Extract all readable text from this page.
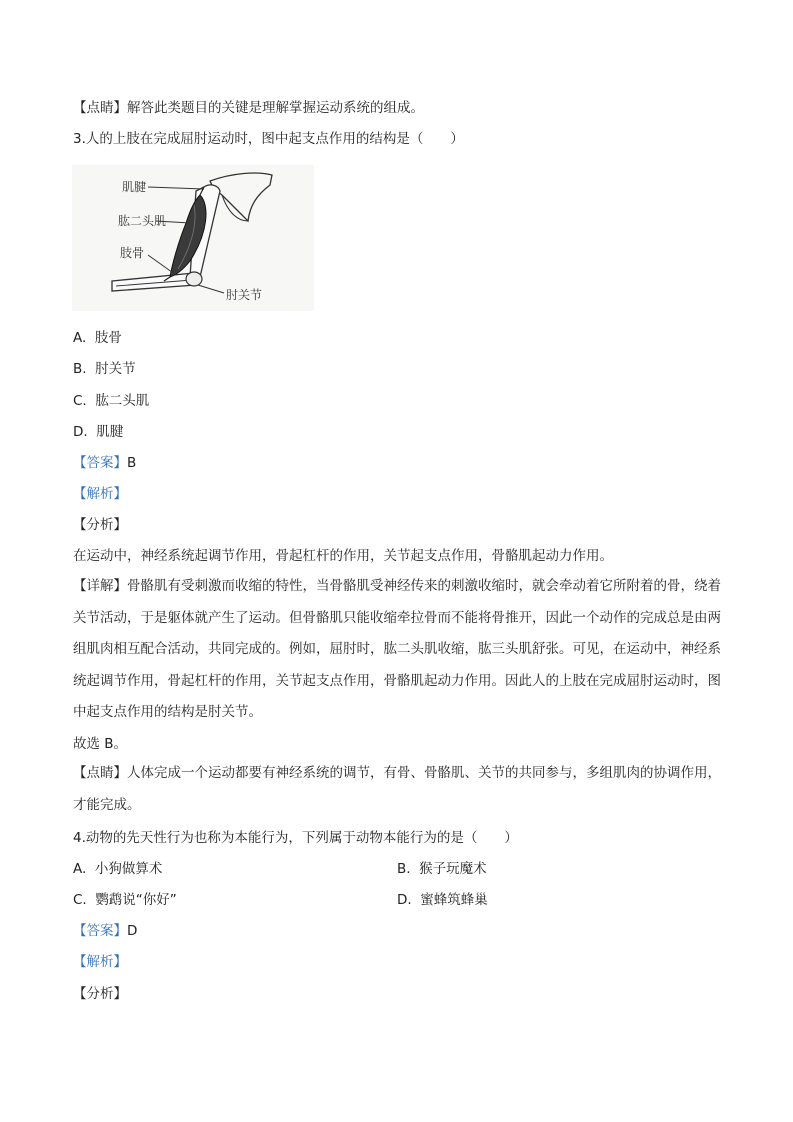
【点睛】解答此类题目的关键是理解掌握运动系统的组成。
3.人的上肢在完成屈肘运动时，图中起支点作用的结构是（　　）
肌腱
肱二头肌
肢骨
肘关节
A. 肢骨
B. 肘关节
C. 肱二头肌
D. 肌腱
【答案】B
【解析】
【分析】
在运动中，神经系统起调节作用，骨起杠杆的作用，关节起支点作用，骨骼肌起动力作用。
【详解】骨骼肌有受刺激而收缩的特性，当骨骼肌受神经传来的刺激收缩时，就会牵动着它所附着的骨，绕着关节活动，于是躯体就产生了运动。但骨骼肌只能收缩牵拉骨而不能将骨推开，因此一个动作的完成总是由两组肌肉相互配合活动，共同完成的。例如，屈肘时，肱二头肌收缩，肱三头肌舒张。可见，在运动中，神经系统起调节作用，骨起杠杆的作用，关节起支点作用，骨骼肌起动力作用。因此人的上肢在完成屈肘运动时，图中起支点作用的结构是肘关节。
故选 B。
【点睛】人体完成一个运动都要有神经系统的调节，有骨、骨骼肌、关节的共同参与，多组肌肉的协调作用，才能完成。
4.动物的先天性行为也称为本能行为，下列属于动物本能行为的是（　　）
A. 小狗做算术	B. 猴子玩魔术
C. 鹦鹉说“你好”	D. 蜜蜂筑蜂巢
【答案】D
【解析】
【分析】
